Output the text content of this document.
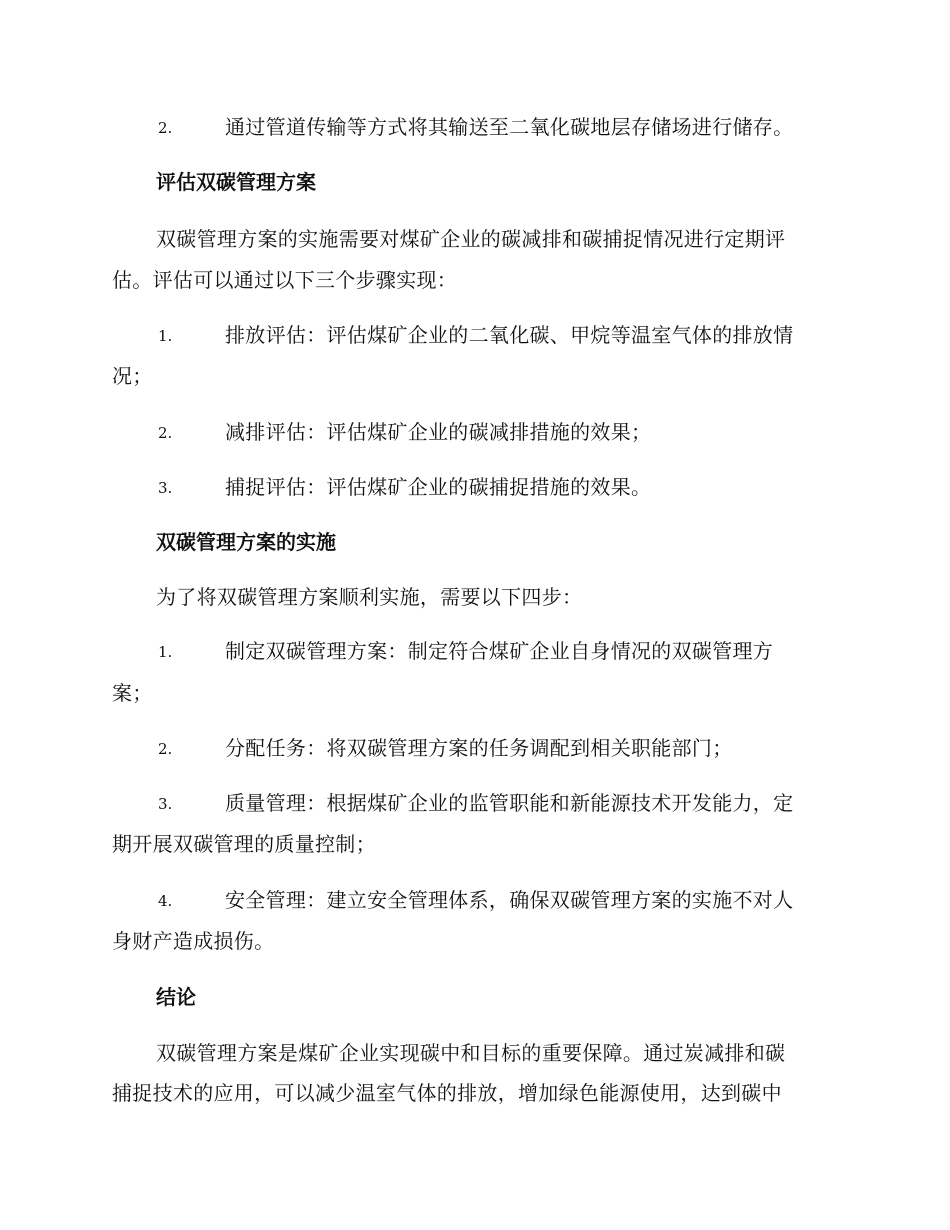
2.	通过管道传输等方式将其输送至二氧化碳地层存储场进行储存。
评估双碳管理方案
双碳管理方案的实施需要对煤矿企业的碳减排和碳捕捉情况进行定期评
估。评估可以通过以下三个步骤实现：
1.	排放评估：评估煤矿企业的二氧化碳、甲烷等温室气体的排放情
况；
2.	减排评估：评估煤矿企业的碳减排措施的效果；
3.	捕捉评估：评估煤矿企业的碳捕捉措施的效果。
双碳管理方案的实施
为了将双碳管理方案顺利实施，需要以下四步：
1.	制定双碳管理方案：制定符合煤矿企业自身情况的双碳管理方
案；
2.	分配任务：将双碳管理方案的任务调配到相关职能部门；
3.	质量管理：根据煤矿企业的监管职能和新能源技术开发能力，定
期开展双碳管理的质量控制；
4.	安全管理：建立安全管理体系，确保双碳管理方案的实施不对人
身财产造成损伤。
结论
双碳管理方案是煤矿企业实现碳中和目标的重要保障。通过炭减排和碳
捕捉技术的应用，可以减少温室气体的排放，增加绿色能源使用，达到碳中
